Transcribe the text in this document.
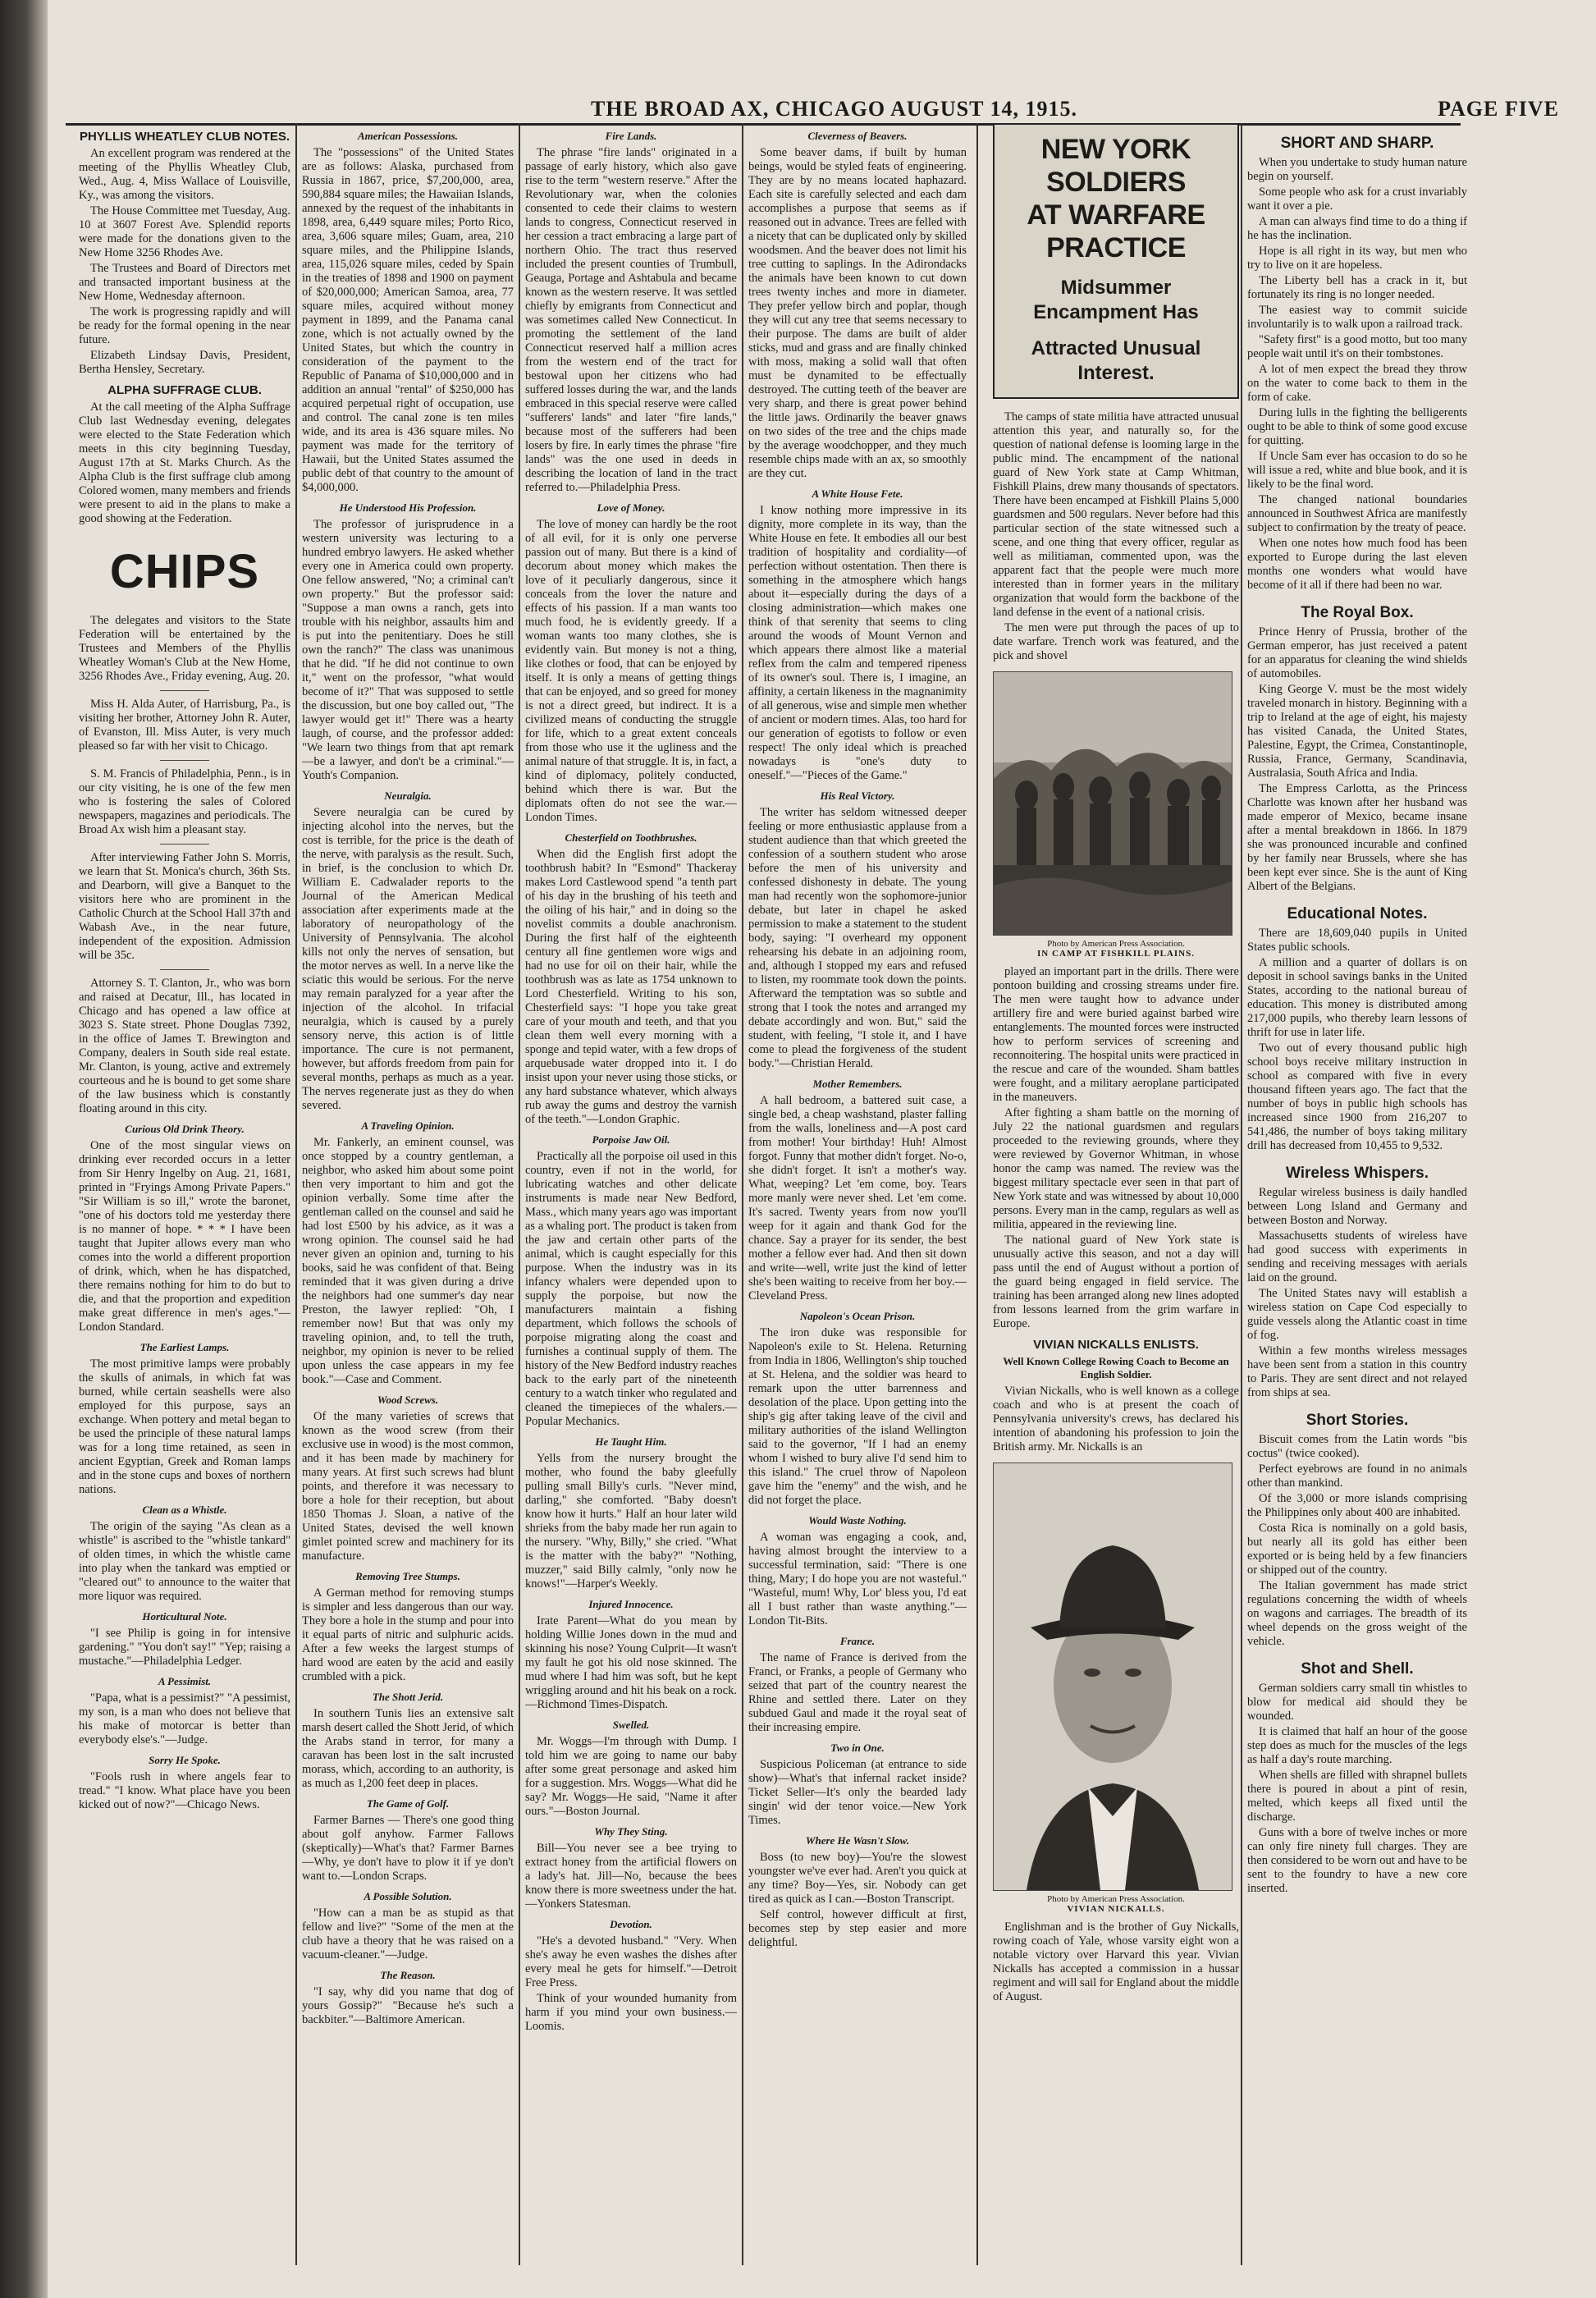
THE BROAD AX, CHICAGO AUGUST 14, 1915.	PAGE FIVE
PHYLLIS WHEATLEY CLUB NOTES.

An excellent program was rendered at the meeting of the Phyllis Wheatley Club, Wed., Aug. 4, Miss Wallace of Louisville, Ky., was among the visitors.

The House Committee met Tuesday, Aug. 10 at 3607 Forest Ave. Splendid reports were made for the donations given to the New Home 3256 Rhodes Ave.

The Trustees and Board of Directors met and transacted important business at the New Home, Wednesday afternoon.

The work is progressing rapidly and will be ready for the formal opening in the near future.

Elizabeth Lindsay Davis, President, Bertha Hensley, Secretary.

ALPHA SUFFRAGE CLUB.

At the call meeting of the Alpha Suffrage Club last Wednesday evening, delegates were elected to the State Federation which meets in this city beginning Tuesday, August 17th at St. Marks Church. As the Alpha Club is the first suffrage club among Colored women, many members and friends were present to aid in the plans to make a good showing at the Federation.

CHIPS

The delegates and visitors to the State Federation will be entertained by the Trustees and Members of the Phyllis Wheatley Woman's Club at the New Home, 3256 Rhodes Ave., Friday evening, Aug. 20.

Miss H. Alda Auter, of Harrisburg, Pa., is visiting her brother, Attorney John R. Auter, of Evanston, Ill. Miss Auter, is very much pleased so far with her visit to Chicago.

S. M. Francis of Philadelphia, Penn., is in our city visiting, he is one of the few men who is fostering the sales of Colored newspapers, magazines and periodicals. The Broad Ax wish him a pleasant stay.

After interviewing Father John S. Morris, we learn that St. Monica's church, 36th Sts. and Dearborn, will give a Banquet to the visitors here who are prominent in the Catholic Church at the School Hall 37th and Wabash Ave., in the near future, independent of the exposition. Admission will be 35c.

Attorney S. T. Clanton, Jr., who was born and raised at Decatur, Ill., has located in Chicago and has opened a law office at 3023 S. State street. Phone Douglas 7392, in the office of James T. Brewington and Company, dealers in South side real estate. Mr. Clanton, is young, active and extremely courteous and he is bound to get some share of the law business which is constantly floating around in this city.

Curious Old Drink Theory.

One of the most singular views on drinking ever recorded occurs in a letter from Sir Henry Ingelby on Aug. 21, 1681, printed in "Fryings Among Private Papers." "Sir William is so ill," wrote the baronet, "one of his doctors told me yesterday there is no manner of hope. * * * I have been taught that Jupiter allows every man who comes into the world a different proportion of drink, which, when he has dispatched, there remains nothing for him to do but to die, and that the proportion and expedition make great difference in men's ages."—London Standard.

The Earliest Lamps.

The most primitive lamps were probably the skulls of animals, in which fat was burned, while certain seashells were also employed for this purpose, says an exchange. When pottery and metal began to be used the principle of these natural lamps was for a long time retained, as seen in ancient Egyptian, Greek and Roman lamps and in the stone cups and boxes of northern nations.

Clean as a Whistle.

The origin of the saying "As clean as a whistle" is ascribed to the "whistle tankard" of olden times, in which the whistle came into play when the tankard was emptied or "cleared out" to announce to the waiter that more liquor was required.

Horticultural Note.

"I see Philip is going in for intensive gardening." "You don't say!" "Yep; raising a mustache."—Philadelphia Ledger.

A Pessimist.

"Papa, what is a pessimist?" "A pessimist, my son, is a man who does not believe that his make of motorcar is better than everybody else's."—Judge.

Sorry He Spoke.

"Fools rush in where angels fear to tread." "I know. What place have you been kicked out of now?"—Chicago News.

American Possessions.

The "possessions" of the United States are as follows: Alaska, purchased from Russia in 1867, price, $7,200,000, area, 590,884 square miles; the Hawaiian Islands, annexed by the request of the inhabitants in 1898, area, 6,449 square miles; Porto Rico, area, 3,606 square miles; Guam, area, 210 square miles, and the Philippine Islands, area, 115,026 square miles, ceded by Spain in the treaties of 1898 and 1900 on payment of $20,000,000; American Samoa, area, 77 square miles, acquired without money payment in 1899, and the Panama canal zone, which is not actually owned by the United States, but which the country in consideration of the payment to the Republic of Panama of $10,000,000 and in addition an annual "rental" of $250,000 has acquired perpetual right of occupation, use and control. The canal zone is ten miles wide, and its area is 436 square miles. No payment was made for the territory of Hawaii, but the United States assumed the public debt of that country to the amount of $4,000,000.

He Understood His Profession.

The professor of jurisprudence in a western university was lecturing to a hundred embryo lawyers. He asked whether every one in America could own property. One fellow answered, "No; a criminal can't own property." But the professor said: "Suppose a man owns a ranch, gets into trouble with his neighbor, assaults him and is put into the penitentiary. Does he still own the ranch?" The class was unanimous that he did. "If he did not continue to own it," went on the professor, "what would become of it?" That was supposed to settle the discussion, but one boy called out, "The lawyer would get it!" There was a hearty laugh, of course, and the professor added: "We learn two things from that apt remark—be a lawyer, and don't be a criminal."—Youth's Companion.

Neuralgia.

Severe neuralgia can be cured by injecting alcohol into the nerves, but the cost is terrible, for the price is the death of the nerve, with paralysis as the result. Such, in brief, is the conclusion to which Dr. William E. Cadwalader reports to the Journal of the American Medical association after experiments made at the laboratory of neuropathology of the University of Pennsylvania. The alcohol kills not only the nerves of sensation, but the motor nerves as well. In a nerve like the sciatic this would be serious. For the nerve may remain paralyzed for a year after the injection of the alcohol. In trifacial neuralgia, which is caused by a purely sensory nerve, this action is of little importance. The cure is not permanent, however, but affords freedom from pain for several months, perhaps as much as a year. The nerves regenerate just as they do when severed.

A Traveling Opinion.

Mr. Fankerly, an eminent counsel, was once stopped by a country gentleman, a neighbor, who asked him about some point then very important to him and got the opinion verbally. Some time after the gentleman called on the counsel and said he had lost £500 by his advice, as it was a wrong opinion. The counsel said he had never given an opinion and, turning to his books, said he was confident of that. Being reminded that it was given during a drive the neighbors had one summer's day near Preston, the lawyer replied: "Oh, I remember now! But that was only my traveling opinion, and, to tell the truth, neighbor, my opinion is never to be relied upon unless the case appears in my fee book."—Case and Comment.

Wood Screws.

Of the many varieties of screws that known as the wood screw (from their exclusive use in wood) is the most common, and it has been made by machinery for many years. At first such screws had blunt points, and therefore it was necessary to bore a hole for their reception, but about 1850 Thomas J. Sloan, a native of the United States, devised the well known gimlet pointed screw and machinery for its manufacture.

Removing Tree Stumps.

A German method for removing stumps is simpler and less dangerous than our way. They bore a hole in the stump and pour into it equal parts of nitric and sulphuric acids. After a few weeks the largest stumps of hard wood are eaten by the acid and easily crumbled with a pick.

The Shott Jerid.

In southern Tunis lies an extensive salt marsh desert called the Shott Jerid, of which the Arabs stand in terror, for many a caravan has been lost in the salt incrusted morass, which, according to an authority, is as much as 1,200 feet deep in places.

The Game of Golf.

Farmer Barnes — There's one good thing about golf anyhow. Farmer Fallows (skeptically)—What's that? Farmer Barnes—Why, ye don't have to plow it if ye don't want to.—London Scraps.

A Possible Solution.

"How can a man be as stupid as that fellow and live?" "Some of the men at the club have a theory that he was raised on a vacuum-cleaner."—Judge.

The Reason.

"I say, why did you name that dog of yours Gossip?" "Because he's such a backbiter."—Baltimore American.

Fire Lands.

The phrase "fire lands" originated in a passage of early history, which also gave rise to the term "western reserve." After the Revolutionary war, when the colonies consented to cede their claims to western lands to congress, Connecticut reserved in her cession a tract embracing a large part of northern Ohio. The tract thus reserved included the present counties of Trumbull, Geauga, Portage and Ashtabula and became known as the western reserve. It was settled chiefly by emigrants from Connecticut and was sometimes called New Connecticut. In promoting the settlement of the land Connecticut reserved half a million acres from the western end of the tract for bestowal upon her citizens who had suffered losses during the war, and the lands embraced in this special reserve were called "sufferers' lands" and later "fire lands," because most of the sufferers had been losers by fire. In early times the phrase "fire lands" was the one used in deeds in describing the location of land in the tract referred to.—Philadelphia Press.

Love of Money.

The love of money can hardly be the root of all evil, for it is only one perverse passion out of many. But there is a kind of decorum about money which makes the love of it peculiarly dangerous, since it conceals from the lover the nature and effects of his passion. If a man wants too much food, he is evidently greedy. If a woman wants too many clothes, she is evidently vain. But money is not a thing, like clothes or food, that can be enjoyed by itself. It is only a means of getting things that can be enjoyed, and so greed for money is not a direct greed, but indirect. It is a civilized means of conducting the struggle for life, which to a great extent conceals from those who use it the ugliness and the animal nature of that struggle. It is, in fact, a kind of diplomacy, politely conducted, behind which there is war. But the diplomats often do not see the war.—London Times.

Chesterfield on Toothbrushes.

When did the English first adopt the toothbrush habit? In "Esmond" Thackeray makes Lord Castlewood spend "a tenth part of his day in the brushing of his teeth and the oiling of his hair," and in doing so the novelist commits a double anachronism. During the first half of the eighteenth century all fine gentlemen wore wigs and had no use for oil on their hair, while the toothbrush was as late as 1754 unknown to Lord Chesterfield. Writing to his son, Chesterfield says: "I hope you take great care of your mouth and teeth, and that you clean them well every morning with a sponge and tepid water, with a few drops of arquebusade water dropped into it. I do insist upon your never using those sticks, or any hard substance whatever, which always rub away the gums and destroy the varnish of the teeth."—London Graphic.

Porpoise Jaw Oil.

Practically all the porpoise oil used in this country, even if not in the world, for lubricating watches and other delicate instruments is made near New Bedford, Mass., which many years ago was important as a whaling port. The product is taken from the jaw and certain other parts of the animal, which is caught especially for this purpose. When the industry was in its infancy whalers were depended upon to supply the porpoise, but now the manufacturers maintain a fishing department, which follows the schools of porpoise migrating along the coast and furnishes a continual supply of them. The history of the New Bedford industry reaches back to the early part of the nineteenth century to a watch tinker who regulated and cleaned the timepieces of the whalers.—Popular Mechanics.

He Taught Him.

Yells from the nursery brought the mother, who found the baby gleefully pulling small Billy's curls. "Never mind, darling," she comforted. "Baby doesn't know how it hurts." Half an hour later wild shrieks from the baby made her run again to the nursery. "Why, Billy," she cried. "What is the matter with the baby?" "Nothing, muzzer," said Billy calmly, "only now he knows!"—Harper's Weekly.

Injured Innocence.

Irate Parent—What do you mean by holding Willie Jones down in the mud and skinning his nose? Young Culprit—It wasn't my fault he got his old nose skinned. The mud where I had him was soft, but he kept wriggling around and hit his beak on a rock.—Richmond Times-Dispatch.

Swelled.

Mr. Woggs—I'm through with Dump. I told him we are going to name our baby after some great personage and asked him for a suggestion. Mrs. Woggs—What did he say? Mr. Woggs—He said, "Name it after ours."—Boston Journal.

Why They Sting.

Bill—You never see a bee trying to extract honey from the artificial flowers on a lady's hat. Jill—No, because the bees know there is more sweetness under the hat.—Yonkers Statesman.

Devotion.

"He's a devoted husband." "Very. When she's away he even washes the dishes after every meal he gets for himself."—Detroit Free Press.

Think of your wounded humanity from harm if you mind your own business.—Loomis.

Cleverness of Beavers.

Some beaver dams, if built by human beings, would be styled feats of engineering. They are by no means located haphazard. Each site is carefully selected and each dam accomplishes a purpose that seems as if reasoned out in advance. Trees are felled with a nicety that can be duplicated only by skilled woodsmen. And the beaver does not limit his tree cutting to saplings. In the Adirondacks the animals have been known to cut down trees twenty inches and more in diameter. They prefer yellow birch and poplar, though they will cut any tree that seems necessary to their purpose. The dams are built of alder sticks, mud and grass and are finally chinked with moss, making a solid wall that often must be dynamited to be effectually destroyed. The cutting teeth of the beaver are very sharp, and there is great power behind the little jaws. Ordinarily the beaver gnaws on two sides of the tree and the chips made by the average woodchopper, and they much resemble chips made with an ax, so smoothly are they cut.

A White House Fete.

I know nothing more impressive in its dignity, more complete in its way, than the White House en fete. It embodies all our best tradition of hospitality and cordiality—of perfection without ostentation. Then there is something in the atmosphere which hangs about it—especially during the days of a closing administration—which makes one think of that serenity that seems to cling around the woods of Mount Vernon and which appears there almost like a material reflex from the calm and tempered ripeness of its owner's soul. There is, I imagine, an affinity, a certain likeness in the magnanimity of all generous, wise and simple men whether of ancient or modern times. Alas, too hard for our generation of egotists to follow or even respect! The only ideal which is preached nowadays is "one's duty to oneself."—"Pieces of the Game."

His Real Victory.

The writer has seldom witnessed deeper feeling or more enthusiastic applause from a student audience than that which greeted the confession of a southern student who arose before the men of his university and confessed dishonesty in debate. The young man had recently won the sophomore-junior debate, but later in chapel he asked permission to make a statement to the student body, saying: "I overheard my opponent rehearsing his debate in an adjoining room, and, although I stopped my ears and refused to listen, my roommate took down the points. Afterward the temptation was so subtle and strong that I took the notes and arranged my debate accordingly and won. But," said the student, with feeling, "I stole it, and I have come to plead the forgiveness of the student body."—Christian Herald.

Mother Remembers.

A hall bedroom, a battered suit case, a single bed, a cheap washstand, plaster falling from the walls, loneliness and—A post card from mother! Your birthday! Huh! Almost forgot. Funny that mother didn't forget. No-o, she didn't forget. It isn't a mother's way. What, weeping? Let 'em come, boy. Tears more manly were never shed. Let 'em come. It's sacred. Twenty years from now you'll weep for it again and thank God for the chance. Say a prayer for its sender, the best mother a fellow ever had. And then sit down and write—well, write just the kind of letter she's been waiting to receive from her boy.—Cleveland Press.

Napoleon's Ocean Prison.

The iron duke was responsible for Napoleon's exile to St. Helena. Returning from India in 1806, Wellington's ship touched at St. Helena, and the soldier was heard to remark upon the utter barrenness and desolation of the place. Upon getting into the ship's gig after taking leave of the civil and military authorities of the island Wellington said to the governor, "If I had an enemy whom I wished to bury alive I'd send him to this island." The cruel throw of Napoleon gave him the "enemy" and the wish, and he did not forget the place.

Would Waste Nothing.

A woman was engaging a cook, and, having almost brought the interview to a successful termination, said: "There is one thing, Mary; I do hope you are not wasteful." "Wasteful, mum! Why, Lor' bless you, I'd eat all I bust rather than waste anything."—London Tit-Bits.

France.

The name of France is derived from the Franci, or Franks, a people of Germany who seized that part of the country nearest the Rhine and settled there. Later on they subdued Gaul and made it the royal seat of their increasing empire.

Two in One.

Suspicious Policeman (at entrance to side show)—What's that infernal racket inside? Ticket Seller—It's only the bearded lady singin' wid der tenor voice.—New York Times.

Where He Wasn't Slow.

Boss (to new boy)—You're the slowest youngster we've ever had. Aren't you quick at any time? Boy—Yes, sir. Nobody can get tired as quick as I can.—Boston Transcript.

Self control, however difficult at first, becomes step by step easier and more delightful.

NEW YORK SOLDIERS
AT WARFARE PRACTICE
Midsummer Encampment Has
Attracted Unusual Interest.

The camps of state militia have attracted unusual attention this year, and naturally so, for the question of national defense is looming large in the public mind. The encampment of the national guard of New York state at Camp Whitman, Fishkill Plains, drew many thousands of spectators. There have been encamped at Fishkill Plains 5,000 guardsmen and 500 regulars. Never before had this particular section of the state witnessed such a scene, and one thing that every officer, regular as well as militiaman, commented upon, was the apparent fact that the people were much more interested than in former years in the military organization that would form the backbone of the land defense in the event of a national crisis.

The men were put through the paces of up to date warfare. Trench work was featured, and the pick and shovel

Photo by American Press Association.

IN CAMP AT FISHKILL PLAINS.

played an important part in the drills. There were pontoon building and crossing streams under fire. The men were taught how to advance under artillery fire and were buried against barbed wire entanglements. The mounted forces were instructed how to perform services of screening and reconnoitering. The hospital units were practiced in the rescue and care of the wounded. Sham battles were fought, and a military aeroplane participated in the maneuvers.

After fighting a sham battle on the morning of July 22 the national guardsmen and regulars proceeded to the reviewing grounds, where they were reviewed by Governor Whitman, in whose honor the camp was named. The review was the biggest military spectacle ever seen in that part of New York state and was witnessed by about 10,000 persons. Every man in the camp, regulars as well as militia, appeared in the reviewing line.

The national guard of New York state is unusually active this season, and not a day will pass until the end of August without a portion of the guard being engaged in field service. The training has been arranged along new lines adopted from lessons learned from the grim warfare in Europe.

VIVIAN NICKALLS ENLISTS.
Well Known College Rowing Coach to Become an English Soldier.

Vivian Nickalls, who is well known as a college coach and who is at present the coach of Pennsylvania university's crews, has declared his intention of abandoning his profession to join the British army. Mr. Nickalls is an

Photo by American Press Association.

VIVIAN NICKALLS.

Englishman and is the brother of Guy Nickalls, rowing coach of Yale, whose varsity eight won a notable victory over Harvard this year. Vivian Nickalls has accepted a commission in a hussar regiment and will sail for England about the middle of August.

SHORT AND SHARP.

When you undertake to study human nature begin on yourself.

Some people who ask for a crust invariably want it over a pie.

A man can always find time to do a thing if he has the inclination.

Hope is all right in its way, but men who try to live on it are hopeless.

The Liberty bell has a crack in it, but fortunately its ring is no longer needed.

The easiest way to commit suicide involuntarily is to walk upon a railroad track.

"Safety first" is a good motto, but too many people wait until it's on their tombstones.

A lot of men expect the bread they throw on the water to come back to them in the form of cake.

During lulls in the fighting the belligerents ought to be able to think of some good excuse for quitting.

If Uncle Sam ever has occasion to do so he will issue a red, white and blue book, and it is likely to be the final word.

The changed national boundaries announced in Southwest Africa are manifestly subject to confirmation by the treaty of peace.

When one notes how much food has been exported to Europe during the last eleven months one wonders what would have become of it all if there had been no war.

The Royal Box.

Prince Henry of Prussia, brother of the German emperor, has just received a patent for an apparatus for cleaning the wind shields of automobiles.

King George V. must be the most widely traveled monarch in history. Beginning with a trip to Ireland at the age of eight, his majesty has visited Canada, the United States, Palestine, Egypt, the Crimea, Constantinople, Russia, France, Germany, Scandinavia, Australasia, South Africa and India.

The Empress Carlotta, as the Princess Charlotte was known after her husband was made emperor of Mexico, became insane after a mental breakdown in 1866. In 1879 she was pronounced incurable and confined by her family near Brussels, where she has been kept ever since. She is the aunt of King Albert of the Belgians.

Educational Notes.

There are 18,609,040 pupils in United States public schools.

A million and a quarter of dollars is on deposit in school savings banks in the United States, according to the national bureau of education. This money is distributed among 217,000 pupils, who thereby learn lessons of thrift for use in later life.

Two out of every thousand public high school boys receive military instruction in school as compared with five in every thousand fifteen years ago. The fact that the number of boys in public high schools has increased since 1900 from 216,207 to 541,486, the number of boys taking military drill has decreased from 10,455 to 9,532.

Wireless Whispers.

Regular wireless business is daily handled between Long Island and Germany and between Boston and Norway.

Massachusetts students of wireless have had good success with experiments in sending and receiving messages with aerials laid on the ground.

The United States navy will establish a wireless station on Cape Cod especially to guide vessels along the Atlantic coast in time of fog.

Within a few months wireless messages have been sent from a station in this country to Paris. They are sent direct and not relayed from ships at sea.

Short Stories.

Biscuit comes from the Latin words "bis coctus" (twice cooked).

Perfect eyebrows are found in no animals other than mankind.

Of the 3,000 or more islands comprising the Philippines only about 400 are inhabited.

Costa Rica is nominally on a gold basis, but nearly all its gold has either been exported or is being held by a few financiers or shipped out of the country.

The Italian government has made strict regulations concerning the width of wheels on wagons and carriages. The breadth of its wheel depends on the gross weight of the vehicle.

Shot and Shell.

German soldiers carry small tin whistles to blow for medical aid should they be wounded.

It is claimed that half an hour of the goose step does as much for the muscles of the legs as half a day's route marching.

When shells are filled with shrapnel bullets there is poured in about a pint of resin, melted, which keeps all fixed until the discharge.

Guns with a bore of twelve inches or more can only fire ninety full charges. They are then considered to be worn out and have to be sent to the foundry to have a new core inserted.
